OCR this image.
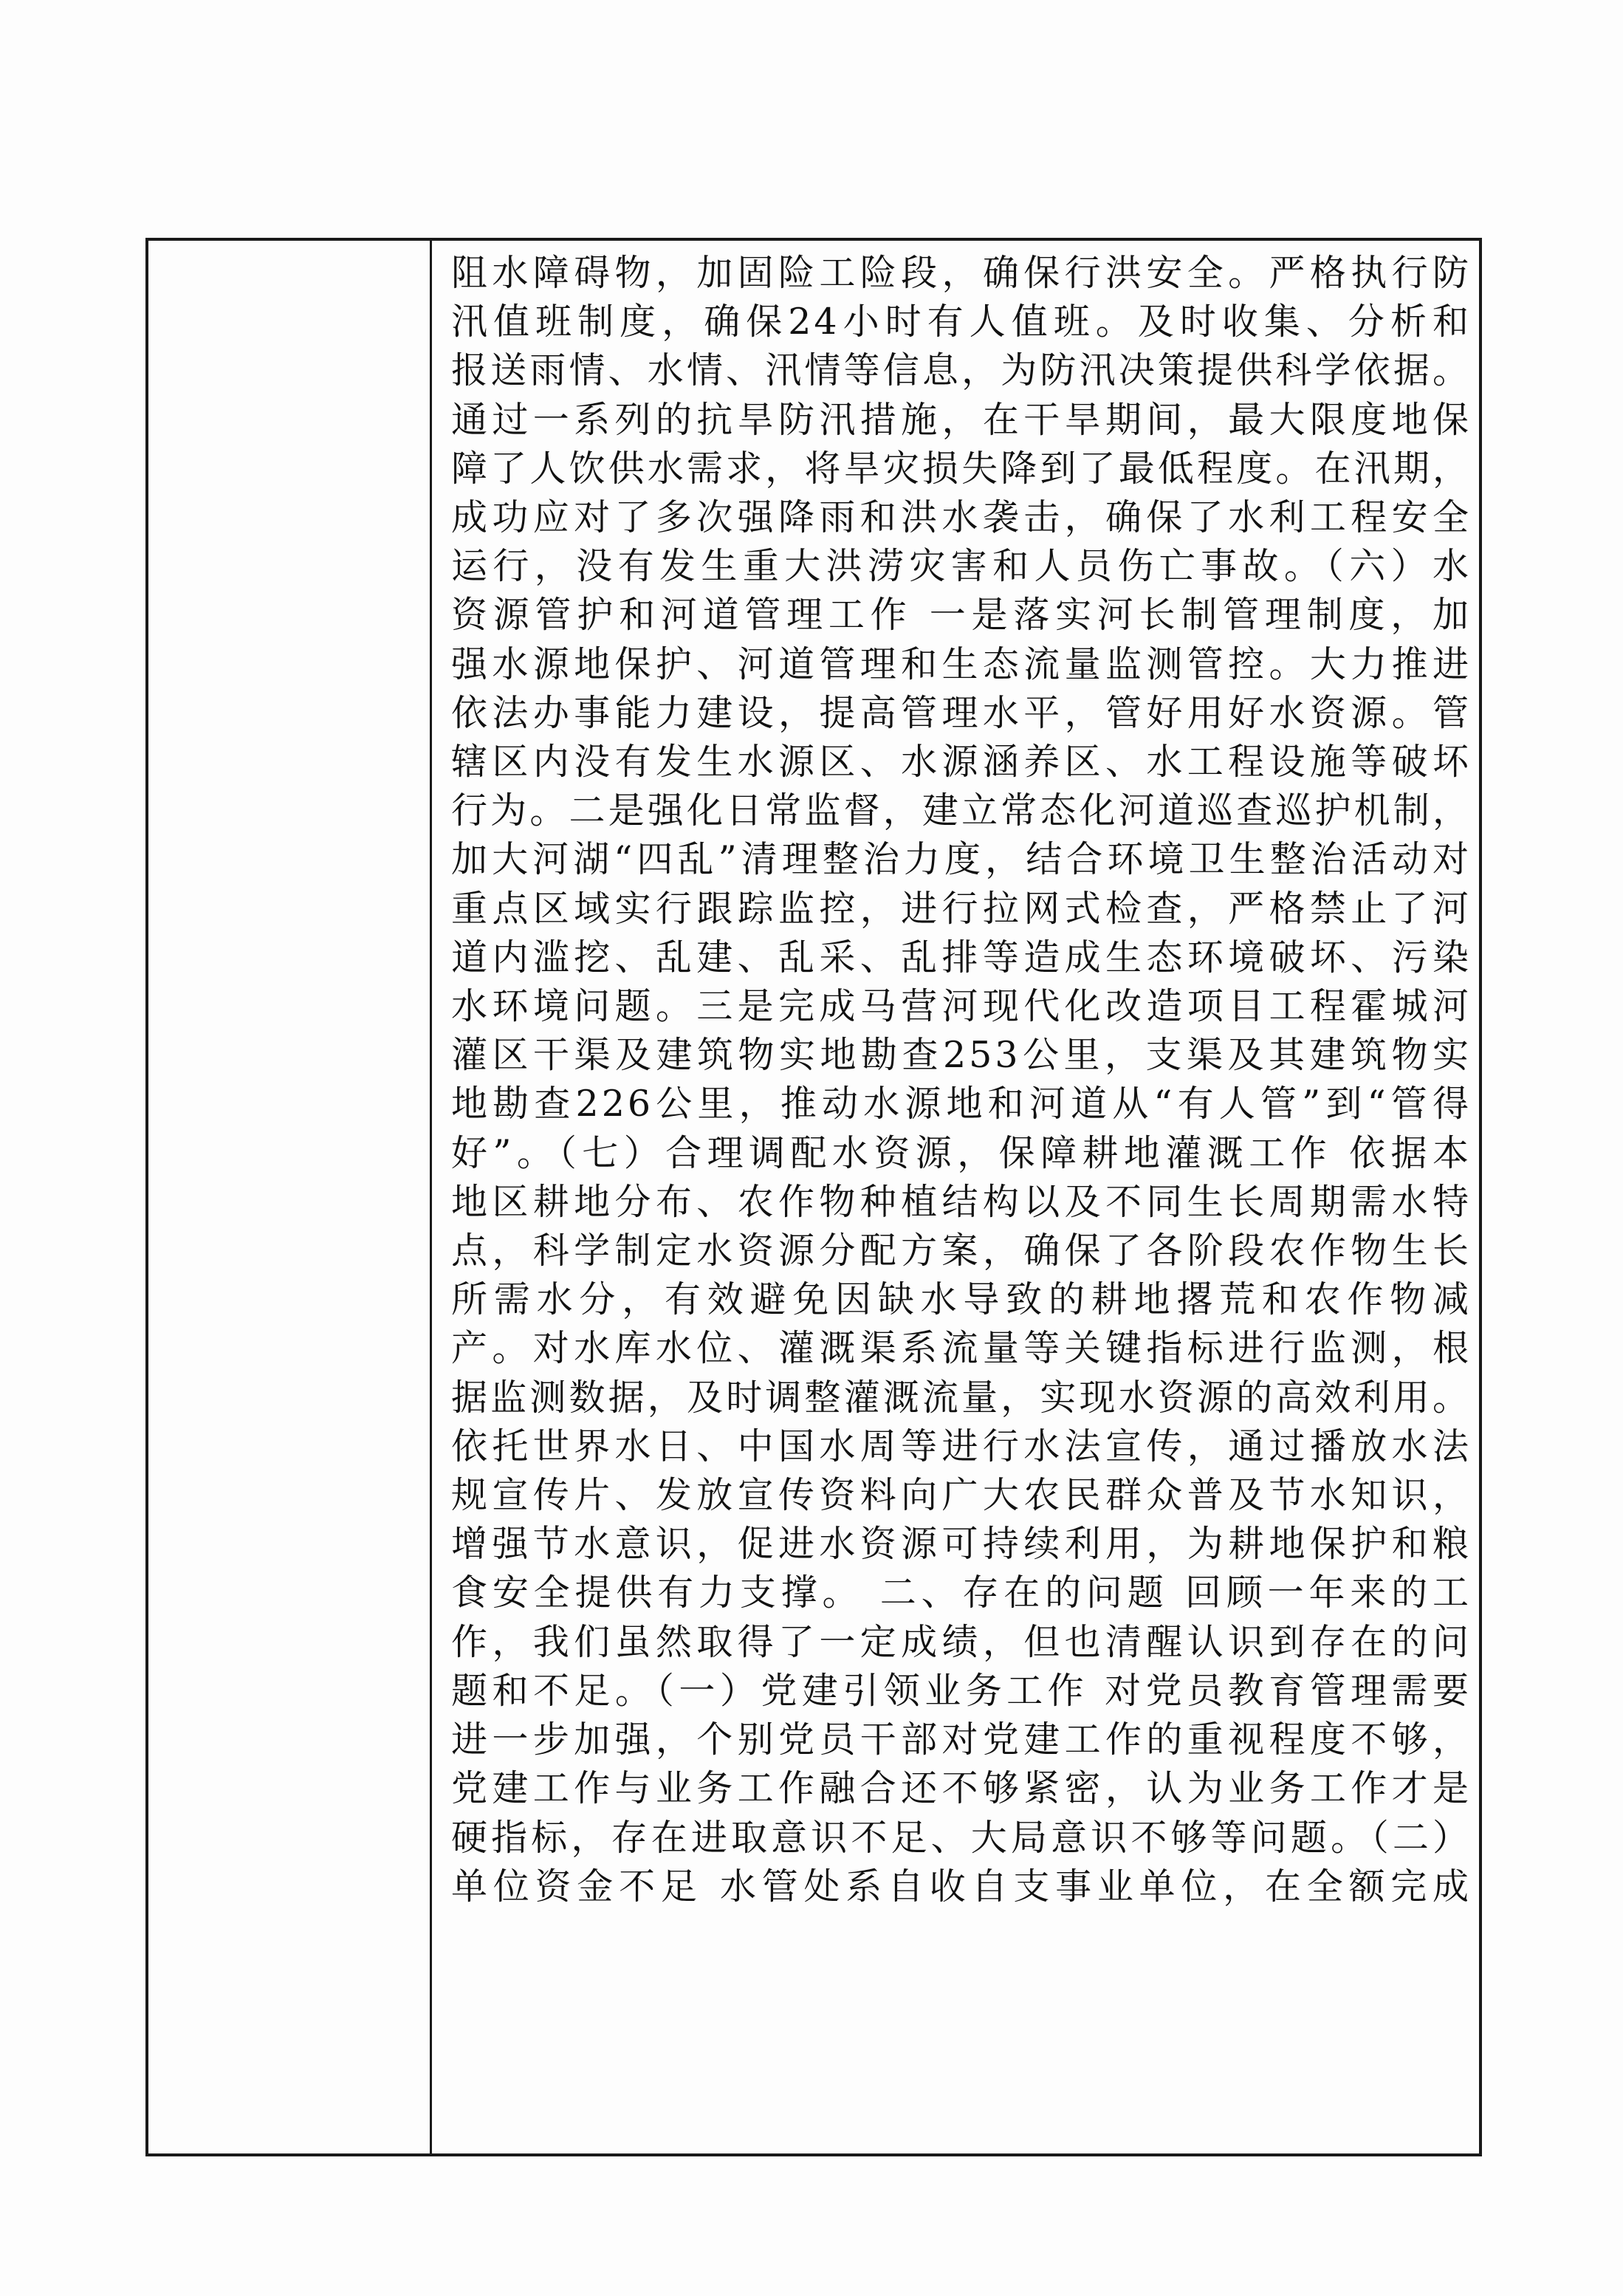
阻水障碍物，加固险工险段，确保行洪安全。严格执行防
汛值班制度，确保24小时有人值班。及时收集、分析和
报送雨情、水情、汛情等信息，为防汛决策提供科学依据。
通过一系列的抗旱防汛措施，在干旱期间，最大限度地保
障了人饮供水需求，将旱灾损失降到了最低程度。在汛期，
成功应对了多次强降雨和洪水袭击，确保了水利工程安全
运行，没有发生重大洪涝灾害和人员伤亡事故。（六）水
资源管护和河道管理工作 一是落实河长制管理制度，加
强水源地保护、河道管理和生态流量监测管控。大力推进
依法办事能力建设，提高管理水平，管好用好水资源。管
辖区内没有发生水源区、水源涵养区、水工程设施等破坏
行为。二是强化日常监督，建立常态化河道巡查巡护机制，
加大河湖“四乱”清理整治力度，结合环境卫生整治活动对
重点区域实行跟踪监控，进行拉网式检查，严格禁止了河
道内滥挖、乱建、乱采、乱排等造成生态环境破坏、污染
水环境问题。三是完成马营河现代化改造项目工程霍城河
灌区干渠及建筑物实地勘查253公里，支渠及其建筑物实
地勘查226公里，推动水源地和河道从“有人管”到“管得
好”。（七）合理调配水资源，保障耕地灌溉工作 依据本
地区耕地分布、农作物种植结构以及不同生长周期需水特
点，科学制定水资源分配方案，确保了各阶段农作物生长
所需水分，有效避免因缺水导致的耕地撂荒和农作物减
产。对水库水位、灌溉渠系流量等关键指标进行监测，根
据监测数据，及时调整灌溉流量，实现水资源的高效利用。
依托世界水日、中国水周等进行水法宣传，通过播放水法
规宣传片、发放宣传资料向广大农民群众普及节水知识，
增强节水意识，促进水资源可持续利用，为耕地保护和粮
食安全提供有力支撑。 二、存在的问题 回顾一年来的工
作，我们虽然取得了一定成绩，但也清醒认识到存在的问
题和不足。（一）党建引领业务工作 对党员教育管理需要
进一步加强，个别党员干部对党建工作的重视程度不够，
党建工作与业务工作融合还不够紧密，认为业务工作才是
硬指标，存在进取意识不足、大局意识不够等问题。（二）
单位资金不足 水管处系自收自支事业单位，在全额完成
